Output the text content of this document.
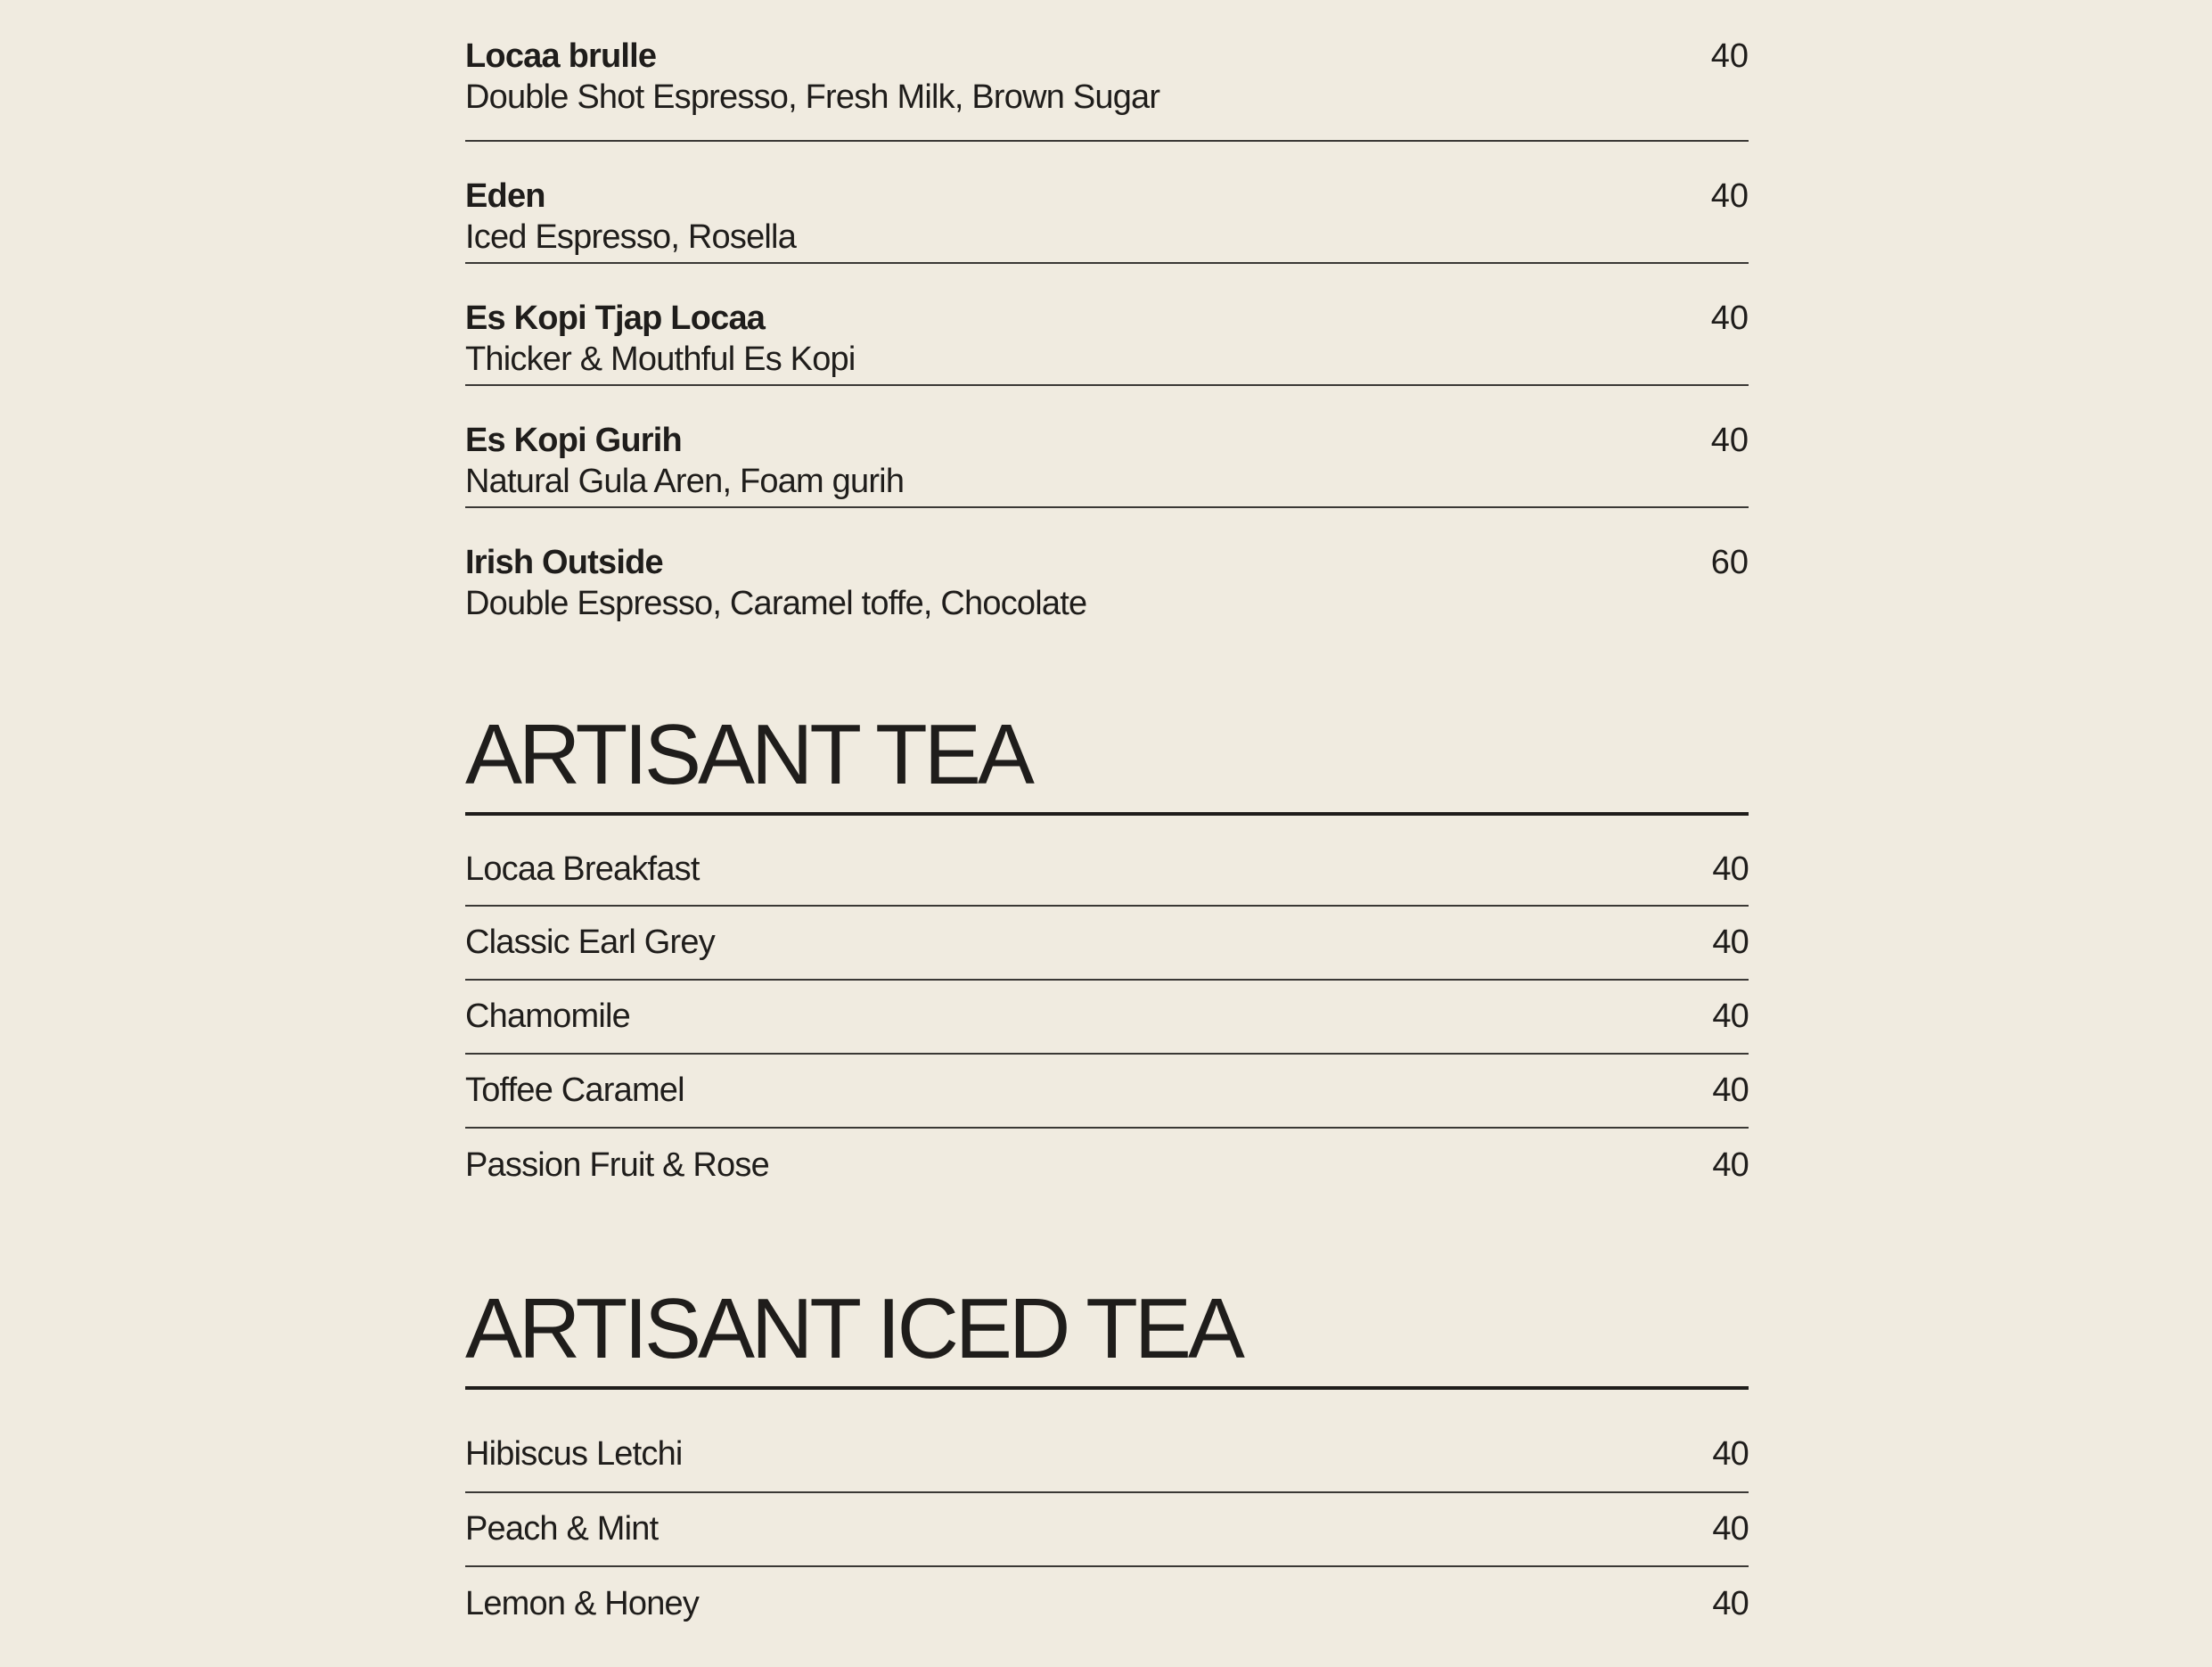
Locaa brulle
Double Shot Espresso, Fresh Milk, Brown Sugar
40
Eden
Iced Espresso, Rosella
40
Es Kopi Tjap Locaa
Thicker & Mouthful Es Kopi
40
Es Kopi Gurih
Natural Gula Aren, Foam gurih
40
Irish Outside
Double Espresso, Caramel toffe, Chocolate
60
ARTISANT TEA
Locaa Breakfast	40
Classic Earl Grey	40
Chamomile	40
Toffee Caramel	40
Passion Fruit & Rose	40
ARTISANT ICED TEA
Hibiscus Letchi	40
Peach & Mint	40
Lemon & Honey	40
